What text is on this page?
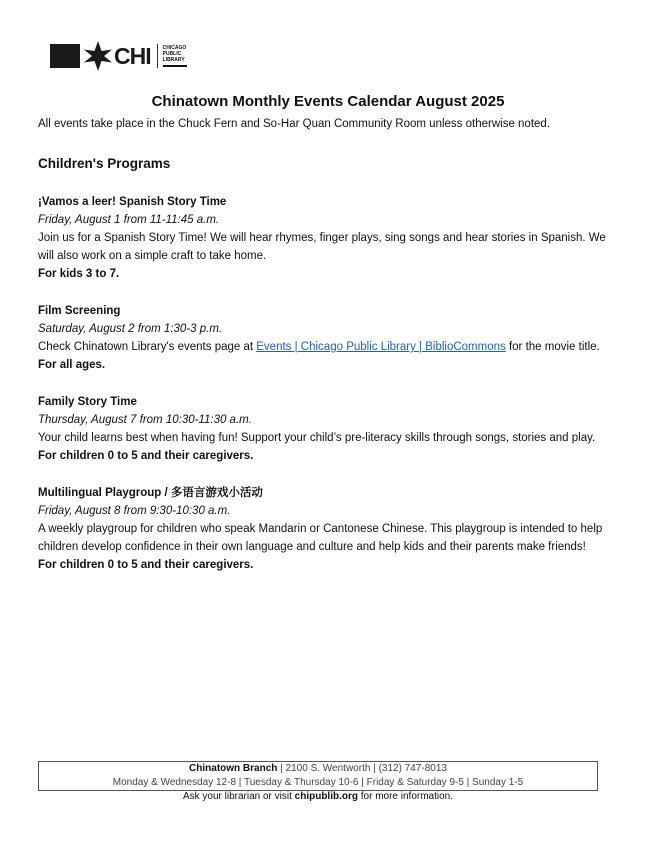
CHI CHICAGO
PUBLIC
LIBRARY
Chinatown Monthly Events Calendar August 2025

All events take place in the Chuck Fern and So-Har Quan Community Room unless otherwise noted.

Children's Programs
¡Vamos a leer! Spanish Story Time
Friday, August 1 from 11-11:45 a.m.
Join us for a Spanish Story Time! We will hear rhymes, finger plays, sing songs and hear stories in Spanish. We will also work on a simple craft to take home.
For kids 3 to 7.
Film Screening
Saturday, August 2 from 1:30-3 p.m.
Check Chinatown Library's events page at Events | Chicago Public Library | BiblioCommons for the movie title.
For all ages.
Family Story Time
Thursday, August 7 from 10:30-11:30 a.m.
Your child learns best when having fun! Support your child’s pre-literacy skills through songs, stories and play.
For children 0 to 5 and their caregivers.
Multilingual Playgroup / 多语言游戏小活动
Friday, August 8 from 9:30-10:30 a.m.
A weekly playgroup for children who speak Mandarin or Cantonese Chinese. This playgroup is intended to help children develop confidence in their own language and culture and help kids and their parents make friends!
For children 0 to 5 and their caregivers.
Chinatown Branch | 2100 S. Wentworth | (312) 747-8013
Monday & Wednesday 12-8 | Tuesday & Thursday 10-6 | Friday & Saturday 9-5 | Sunday 1-5
Ask your librarian or visit chipublib.org for more information.
